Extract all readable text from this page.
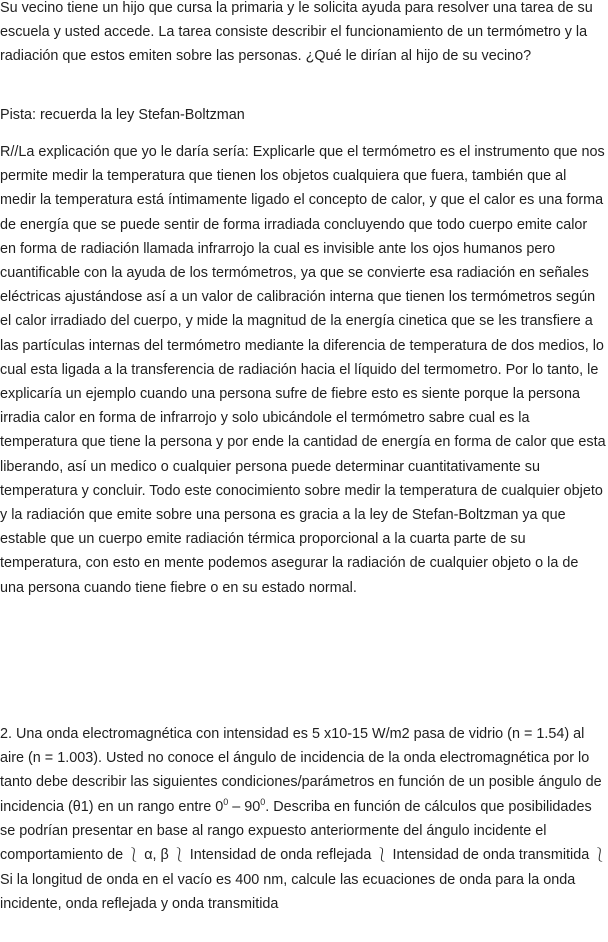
Su vecino tiene un hijo que cursa la primaria y le solicita ayuda para resolver una tarea de su escuela y usted accede. La tarea consiste describir el funcionamiento de un termómetro y la radiación que estos emiten sobre las personas. ¿Qué le dirían al hijo de su vecino?

Pista: recuerda la ley Stefan-Boltzman

R//La explicación que yo le daría sería: Explicarle que el termómetro es el instrumento que nos permite medir la temperatura que tienen los objetos cualquiera que fuera, también que al medir la temperatura está íntimamente ligado el concepto de calor, y que el calor es una forma de energía que se puede sentir de forma irradiada concluyendo que todo cuerpo emite calor en forma de radiación llamada infrarrojo la cual es invisible ante los ojos humanos pero cuantificable con la ayuda de los termómetros, ya que se convierte esa radiación en señales eléctricas ajustándose así a un valor de calibración interna que tienen los termómetros según el calor irradiado del cuerpo, y mide la magnitud de la energía cinetica que se les transfiere a las partículas internas del termómetro mediante la diferencia de temperatura de dos medios, lo cual esta ligada a la transferencia de radiación hacia el líquido del termometro. Por lo tanto, le explicaría un ejemplo cuando una persona sufre de fiebre esto es siente porque la persona irradia calor en forma de infrarrojo y solo ubicándole el termómetro sabre cual es la temperatura que tiene la persona y por ende la cantidad de energía en forma de calor que esta liberando, así un medico o cualquier persona puede determinar cuantitativamente su temperatura y concluir. Todo este conocimiento sobre medir la temperatura de cualquier objeto y la radiación que emite sobre una persona es gracia a la ley de Stefan-Boltzman ya que estable que un cuerpo emite radiación térmica proporcional a la cuarta parte de su temperatura, con esto en mente podemos asegurar la radiación de cualquier objeto o la de una persona cuando tiene fiebre o en su estado normal.

2. Una onda electromagnética con intensidad es 5 x10-15 W/m2 pasa de vidrio (n = 1.54) al aire (n = 1.003). Usted no conoce el ángulo de incidencia de la onda electromagnética por lo tanto debe describir las siguientes condiciones/parámetros en función de un posible ángulo de incidencia (θ1) en un rango entre $0^0 - 90^0$. Describa en función de cálculos que posibilidades se podrían presentar en base al rango expuesto anteriormente del ángulo incidente el comportamiento de ⎱ α, β ⎱ Intensidad de onda reflejada ⎱ Intensidad de onda transmitida ⎱ Si la longitud de onda en el vacío es 400 nm, calcule las ecuaciones de onda para la onda incidente, onda reflejada y onda transmitida
